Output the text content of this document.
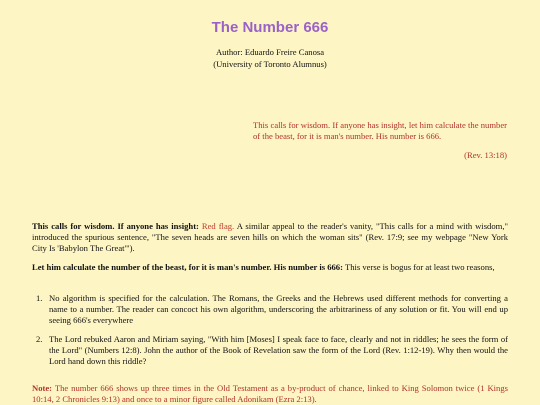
The Number 666
Author: Eduardo Freire Canosa
(University of Toronto Alumnus)
This calls for wisdom. If anyone has insight, let him calculate the number of the beast, for it is man's number. His number is 666.
(Rev. 13:18)
This calls for wisdom. If anyone has insight: Red flag. A similar appeal to the reader's vanity, "This calls for a mind with wisdom," introduced the spurious sentence, "The seven heads are seven hills on which the woman sits" (Rev. 17:9; see my webpage "New York City Is 'Babylon The Great'").
Let him calculate the number of the beast, for it is man's number. His number is 666: This verse is bogus for at least two reasons,
1. No algorithm is specified for the calculation. The Romans, the Greeks and the Hebrews used different methods for converting a name to a number. The reader can concoct his own algorithm, underscoring the arbitrariness of any solution or fit. You will end up seeing 666's everywhere
2. The Lord rebuked Aaron and Miriam saying, "With him [Moses] I speak face to face, clearly and not in riddles; he sees the form of the Lord" (Numbers 12:8). John the author of the Book of Revelation saw the form of the Lord (Rev. 1:12-19). Why then would the Lord hand down this riddle?
Note: The number 666 shows up three times in the Old Testament as a by-product of chance, linked to King Solomon twice (1 Kings 10:14, 2 Chronicles 9:13) and once to a minor figure called Adonikam (Ezra 2:13).
